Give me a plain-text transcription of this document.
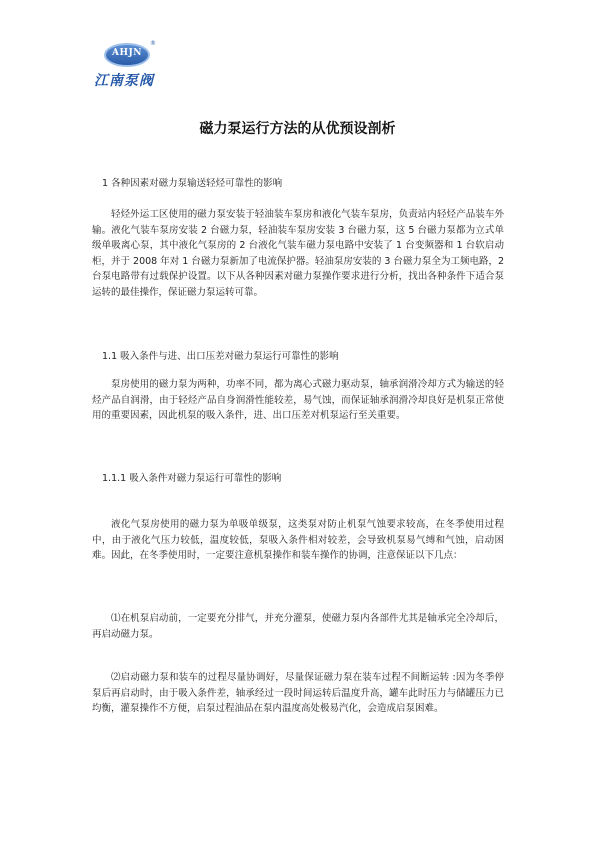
AHJN
®
江南泵阀
磁力泵运行方法的从优预设剖析
1 各种因素对磁力泵输送轻烃可靠性的影响
轻烃外运工区使用的磁力泵安装于轻油装车泵房和液化气装车泵房，负责站内轻烃产品装车外输。液化气装车泵房安装 2 台磁力泵，轻油装车泵房安装 3 台磁力泵，这 5 台磁力泵都为立式单级单吸离心泵，其中液化气泵房的 2 台液化气装车磁力泵电路中安装了 1 台变频器和 1 台软启动柜，并于 2008 年对 1 台磁力泵新加了电流保护器。轻油泵房安装的 3 台磁力泵全为工频电路，2 台泵电路带有过载保护设置。以下从各种因素对磁力泵操作要求进行分析，找出各种条件下适合泵运转的最佳操作，保证磁力泵运转可靠。
1.1 吸入条件与进、出口压差对磁力泵运行可靠性的影响
泵房使用的磁力泵为两种，功率不同，都为离心式磁力驱动泵，轴承润滑冷却方式为输送的轻烃产品自润滑，由于轻烃产品自身润滑性能较差，易气蚀，而保证轴承润滑冷却良好是机泵正常使用的重要因素，因此机泵的吸入条件，进、出口压差对机泵运行至关重要。
1.1.1 吸入条件对磁力泵运行可靠性的影响
液化气泵房使用的磁力泵为单吸单级泵，这类泵对防止机泵气蚀要求较高，在冬季使用过程中，由于液化气压力较低，温度较低，泵吸入条件相对较差，会导致机泵易气缚和气蚀，启动困难。因此，在冬季使用时，一定要注意机泵操作和装车操作的协调，注意保证以下几点：
⑴在机泵启动前，一定要充分排气，并充分灌泵，使磁力泵内各部件尤其是轴承完全冷却后，再启动磁力泵。
⑵启动磁力泵和装车的过程尽量协调好，尽量保证磁力泵在装车过程不间断运转 :因为冬季停泵后再启动时，由于吸入条件差，轴承经过一段时间运转后温度升高，罐车此时压力与储罐压力已均衡，灌泵操作不方便，启泵过程油品在泵内温度高处极易汽化，会造成启泵困难。
